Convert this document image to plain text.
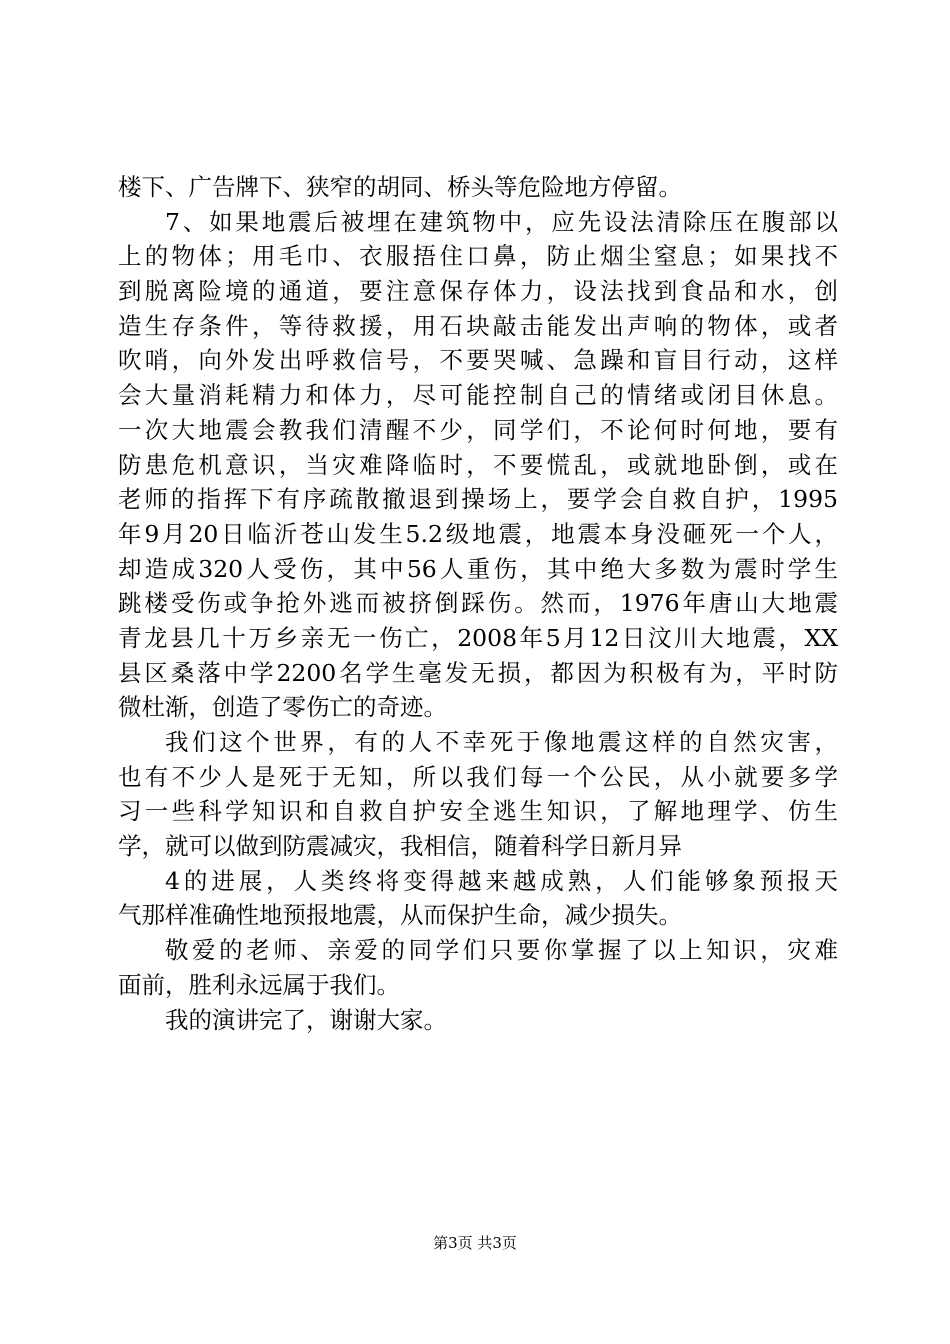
楼下、广告牌下、狭窄的胡同、桥头等危险地方停留。
7、如果地震后被埋在建筑物中，应先设法清除压在腹部以
上的物体；用毛巾、衣服捂住口鼻，防止烟尘窒息；如果找不
到脱离险境的通道，要注意保存体力，设法找到食品和水，创
造生存条件，等待救援，用石块敲击能发出声响的物体，或者
吹哨，向外发出呼救信号，不要哭喊、急躁和盲目行动，这样
会大量消耗精力和体力，尽可能控制自己的情绪或闭目休息。
一次大地震会教我们清醒不少，同学们，不论何时何地，要有
防患危机意识，当灾难降临时，不要慌乱，或就地卧倒，或在
老师的指挥下有序疏散撤退到操场上，要学会自救自护，1995
年9月20日临沂苍山发生5.2级地震，地震本身没砸死一个人，
却造成320人受伤，其中56人重伤，其中绝大多数为震时学生
跳楼受伤或争抢外逃而被挤倒踩伤。然而，1976年唐山大地震
青龙县几十万乡亲无一伤亡，2008年5月12日汶川大地震，XX
县区桑落中学2200名学生毫发无损，都因为积极有为，平时防
微杜渐，创造了零伤亡的奇迹。
我们这个世界，有的人不幸死于像地震这样的自然灾害，
也有不少人是死于无知，所以我们每一个公民，从小就要多学
习一些科学知识和自救自护安全逃生知识，了解地理学、仿生
学，就可以做到防震减灾，我相信，随着科学日新月异
4的进展，人类终将变得越来越成熟，人们能够象预报天
气那样准确性地预报地震，从而保护生命，减少损失。
敬爱的老师、亲爱的同学们只要你掌握了以上知识，灾难
面前，胜利永远属于我们。
我的演讲完了，谢谢大家。
第3页 共3页
